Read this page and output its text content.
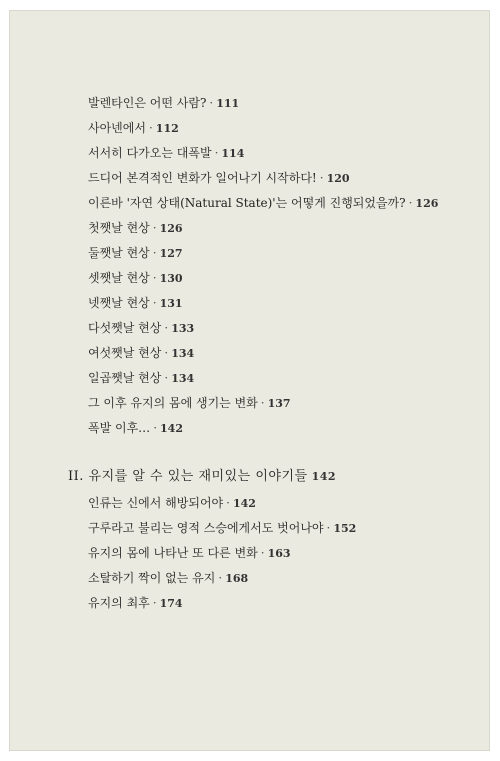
발렌타인은 어떤 사람? · 111
사아넨에서 · 112
서서히 다가오는 대폭발 · 114
드디어 본격적인 변화가 일어나기 시작하다! · 120
이른바 '자연 상태(Natural State)'는 어떻게 진행되었을까? · 126
첫쨋날 현상 · 126
둘쨋날 현상 · 127
셋쨋날 현상 · 130
넷쨋날 현상 · 131
다섯쨋날 현상 · 133
여섯쨋날 현상 · 134
일곱쨋날 현상 · 134
그 이후 유지의 몸에 생기는 변화 · 137
폭발 이후… · 142
II. 유지를 알 수 있는 재미있는 이야기들 142
인류는 신에서 해방되어야 · 142
구루라고 불리는 영적 스승에게서도 벗어나야 · 152
유지의 몸에 나타난 또 다른 변화 · 163
소탈하기 짝이 없는 유지 · 168
유지의 최후 · 174
